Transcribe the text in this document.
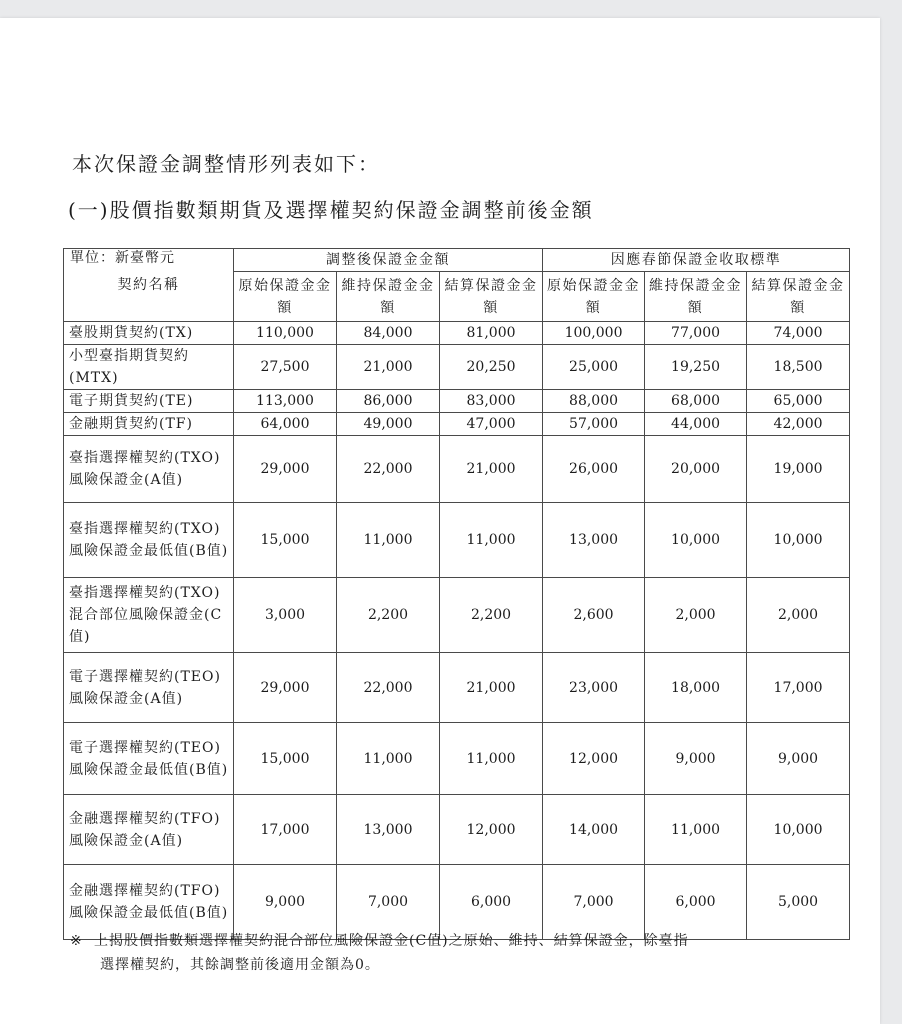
本次保證金調整情形列表如下：
(一)股價指數類期貨及選擇權契約保證金調整前後金額
單位：新臺幣元
契約名稱	調整後保證金金額			因應春節保證金收取標準		
	原始保證金金額	維持保證金金額	結算保證金金額	原始保證金金額	維持保證金金額	結算保證金金額
臺股期貨契約(TX)	110,000	84,000	81,000	100,000	77,000	74,000
小型臺指期貨契約(MTX)	27,500	21,000	20,250	25,000	19,250	18,500
電子期貨契約(TE)	113,000	86,000	83,000	88,000	68,000	65,000
金融期貨契約(TF)	64,000	49,000	47,000	57,000	44,000	42,000
臺指選擇權契約(TXO)風險保證金(A值)	29,000	22,000	21,000	26,000	20,000	19,000
臺指選擇權契約(TXO)風險保證金最低值(B值)	15,000	11,000	11,000	13,000	10,000	10,000
臺指選擇權契約(TXO)混合部位風險保證金(C值)	3,000	2,200	2,200	2,600	2,000	2,000
電子選擇權契約(TEO)風險保證金(A值)	29,000	22,000	21,000	23,000	18,000	17,000
電子選擇權契約(TEO)風險保證金最低值(B值)	15,000	11,000	11,000	12,000	9,000	9,000
金融選擇權契約(TFO)風險保證金(A值)	17,000	13,000	12,000	14,000	11,000	10,000
金融選擇權契約(TFO)風險保證金最低值(B值)	9,000	7,000	6,000	7,000	6,000	5,000
※ 上揭股價指數類選擇權契約混合部位風險保證金(C值)之原始、維持、結算保證金，除臺指
選擇權契約，其餘調整前後適用金額為0。
